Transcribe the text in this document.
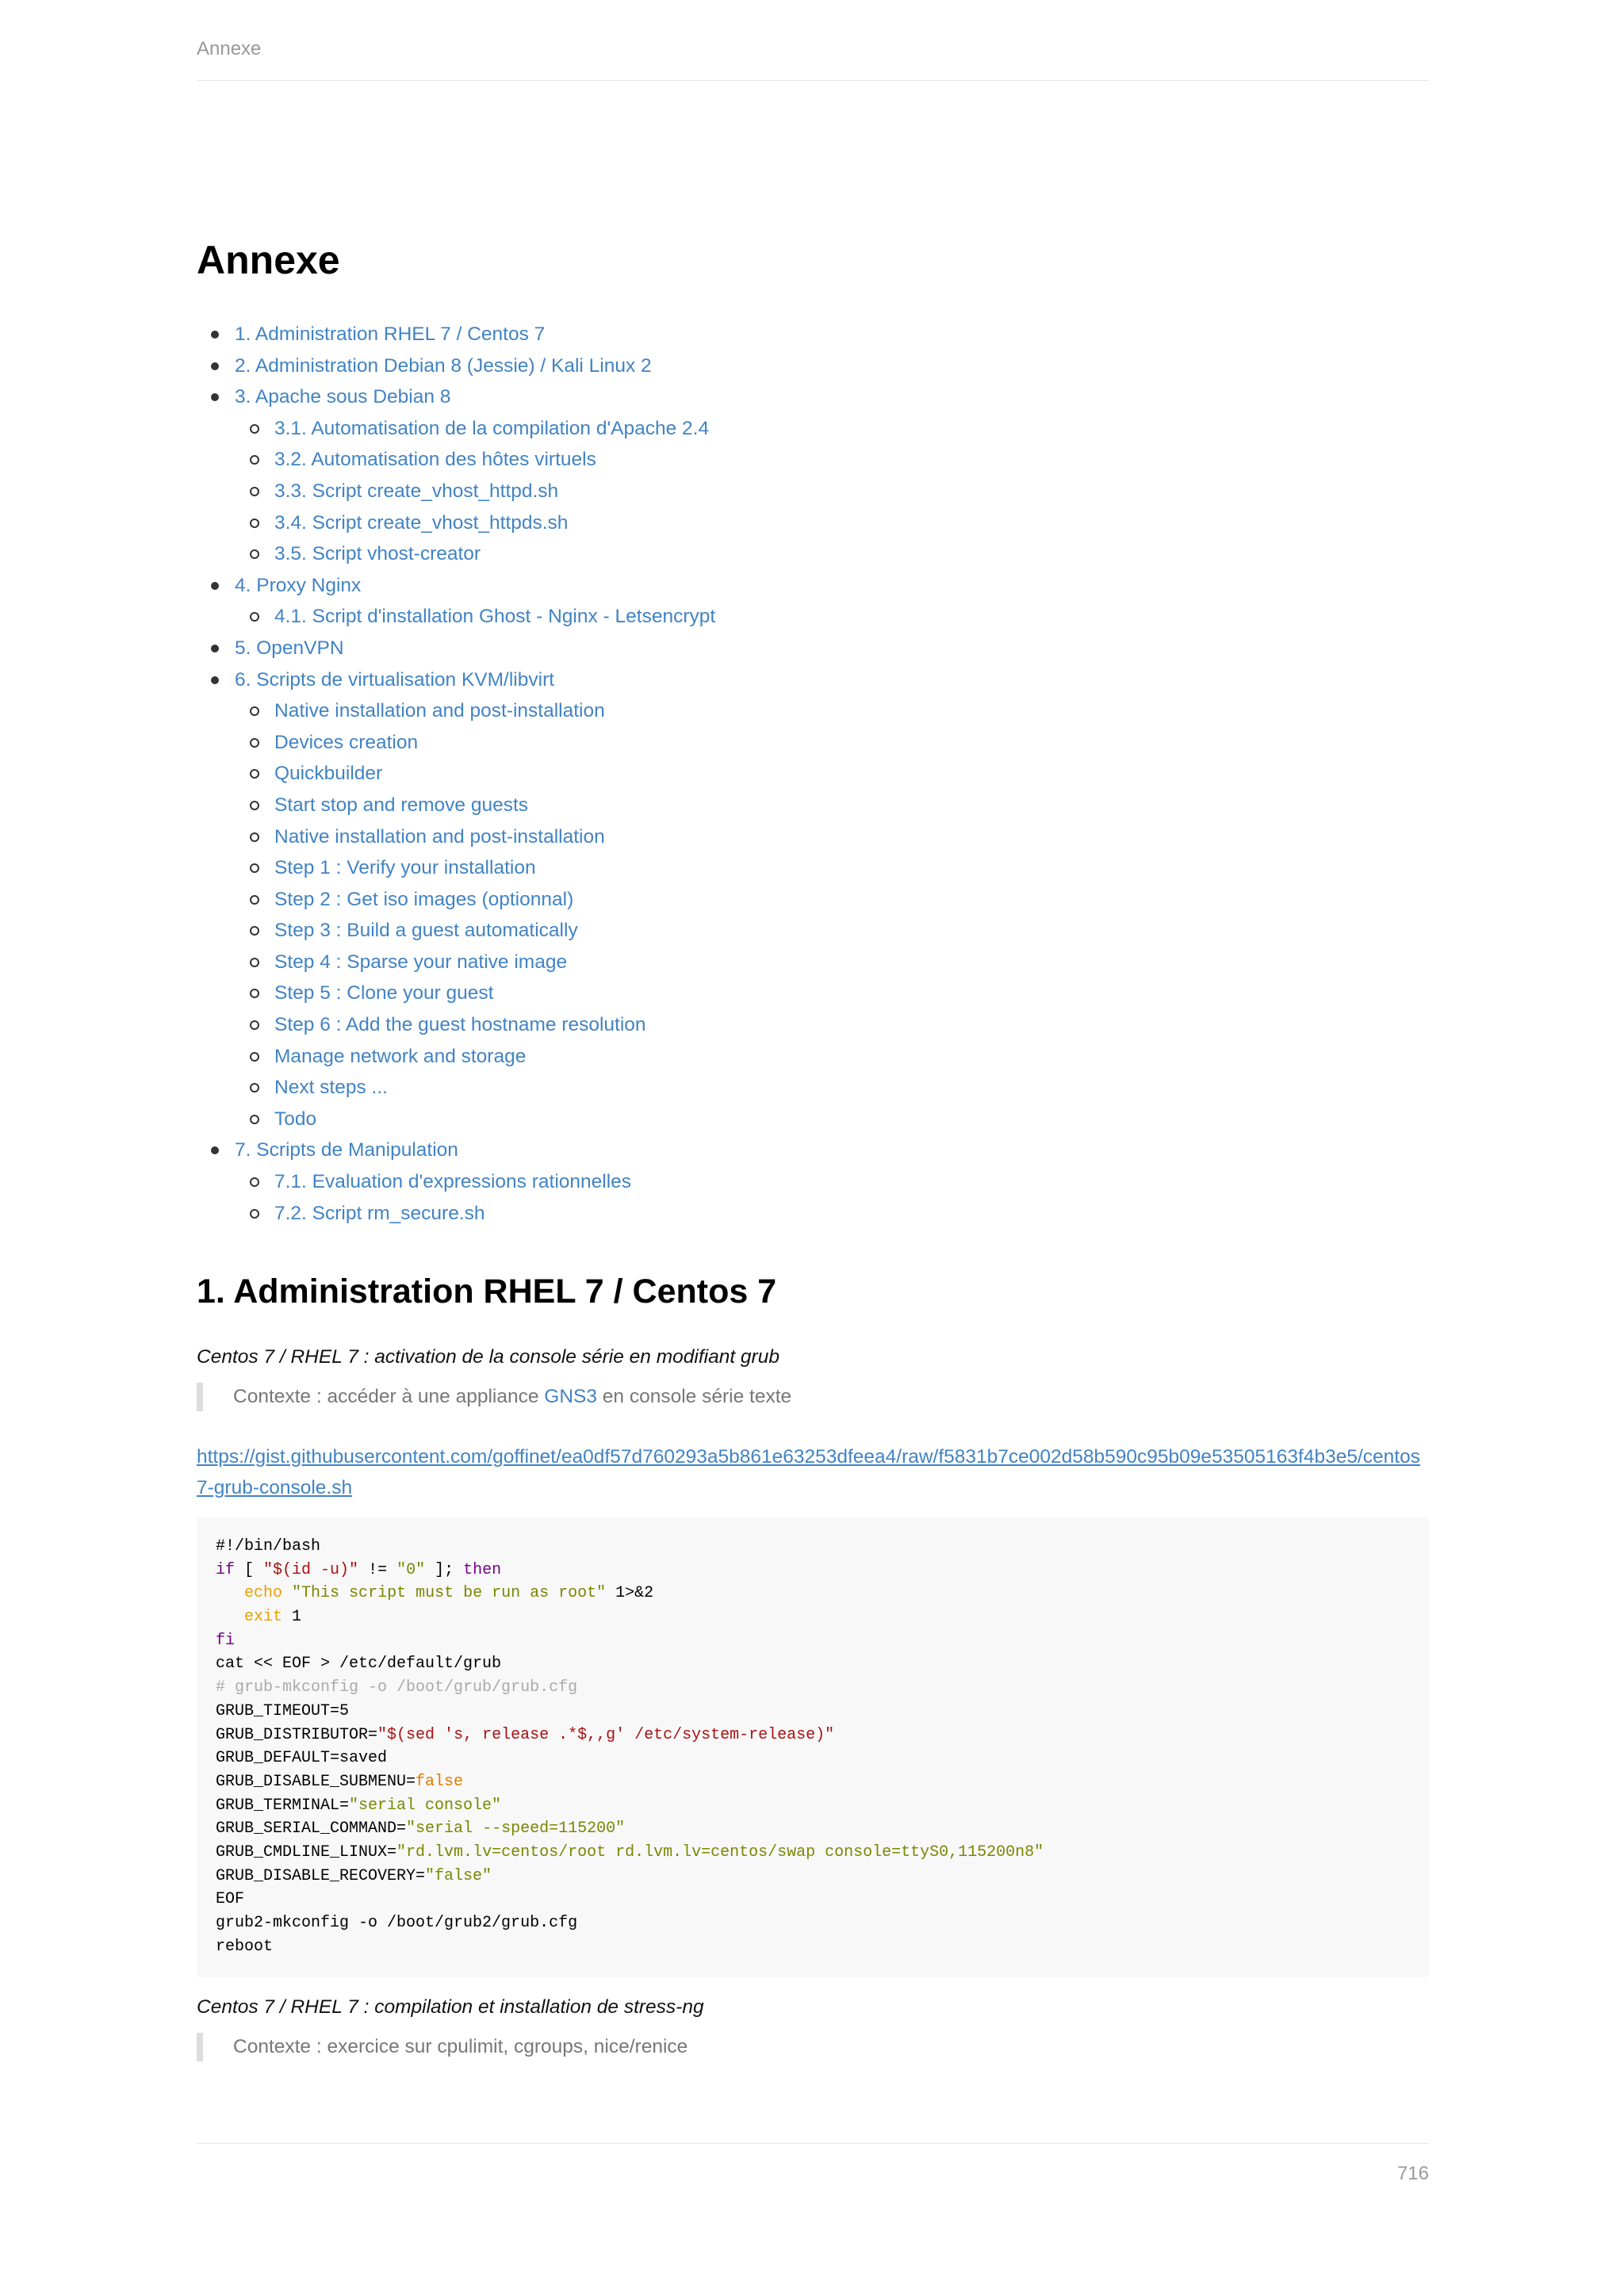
Annexe
Annexe
1. Administration RHEL 7 / Centos 7
2. Administration Debian 8 (Jessie) / Kali Linux 2
3. Apache sous Debian 8
3.1. Automatisation de la compilation d'Apache 2.4
3.2. Automatisation des hôtes virtuels
3.3. Script create_vhost_httpd.sh
3.4. Script create_vhost_httpds.sh
3.5. Script vhost-creator
4. Proxy Nginx
4.1. Script d'installation Ghost - Nginx - Letsencrypt
5. OpenVPN
6. Scripts de virtualisation KVM/libvirt
Native installation and post-installation
Devices creation
Quickbuilder
Start stop and remove guests
Native installation and post-installation
Step 1 : Verify your installation
Step 2 : Get iso images (optionnal)
Step 3 : Build a guest automatically
Step 4 : Sparse your native image
Step 5 : Clone your guest
Step 6 : Add the guest hostname resolution
Manage network and storage
Next steps ...
Todo
7. Scripts de Manipulation
7.1. Evaluation d'expressions rationnelles
7.2. Script rm_secure.sh
1. Administration RHEL 7 / Centos 7

Centos 7 / RHEL 7 : activation de la console série en modifiant grub

Contexte : accéder à une appliance GNS3 en console série texte
https://gist.githubusercontent.com/goffinet/ea0df57d760293a5b861e63253dfeea4/raw/f5831b7ce002d58b590c95b09e53505163f4b3e5/centos7-grub-console.sh
#!/bin/bash
if [ "$(id -u)" != "0" ]; then
echo "This script must be run as root" 1>&2
exit 1
fi
cat << EOF > /etc/default/grub
# grub-mkconfig -o /boot/grub/grub.cfg
GRUB_TIMEOUT=5
GRUB_DISTRIBUTOR="$(sed 's, release .*$,,g' /etc/system-release)"
GRUB_DEFAULT=saved
GRUB_DISABLE_SUBMENU=false
GRUB_TERMINAL="serial console"
GRUB_SERIAL_COMMAND="serial --speed=115200"
GRUB_CMDLINE_LINUX="rd.lvm.lv=centos/root rd.lvm.lv=centos/swap console=ttyS0,115200n8"
GRUB_DISABLE_RECOVERY="false"
EOF
grub2-mkconfig -o /boot/grub2/grub.cfg
reboot

Centos 7 / RHEL 7 : compilation et installation de stress-ng

Contexte : exercice sur cpulimit, cgroups, nice/renice
716
